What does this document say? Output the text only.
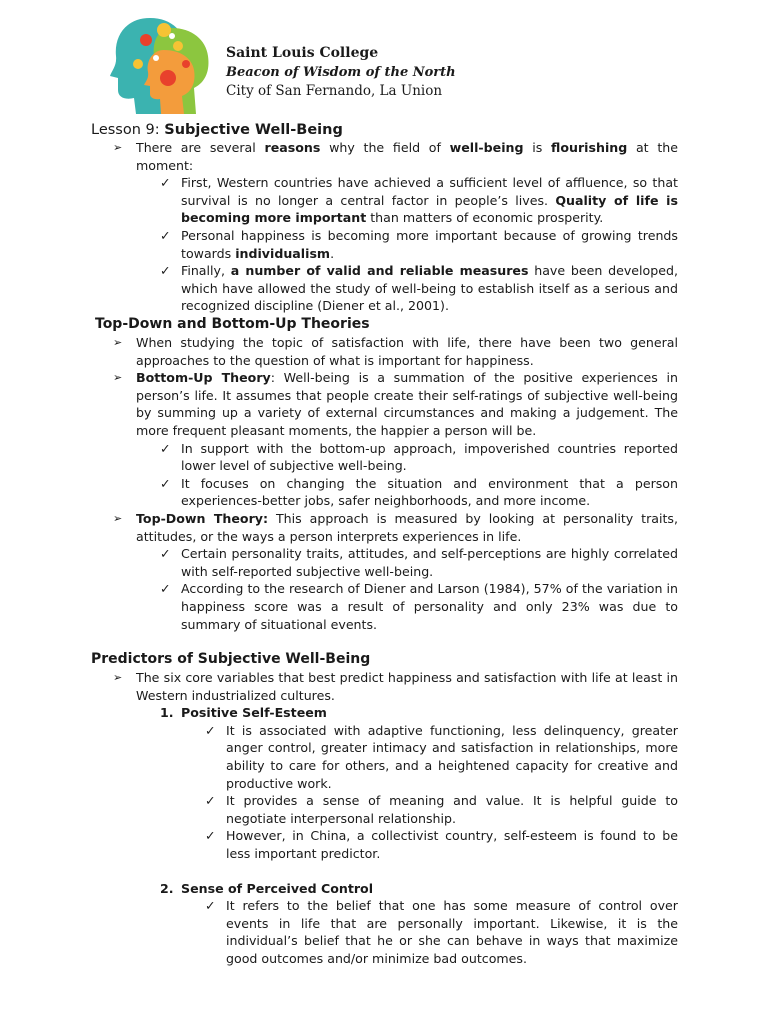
Saint Louis College
Beacon of Wisdom of the North
City of San Fernando, La Union
Lesson 9: Subjective Well-Being
➢ There are several reasons why the field of well-being is flourishing at the moment:
✓ First, Western countries have achieved a sufficient level of affluence, so that survival is no longer a central factor in people’s lives. Quality of life is becoming more important than matters of economic prosperity.
✓ Personal happiness is becoming more important because of growing trends towards individualism.
✓ Finally, a number of valid and reliable measures have been developed, which have allowed the study of well-being to establish itself as a serious and recognized discipline (Diener et al., 2001).
Top-Down and Bottom-Up Theories
➢ When studying the topic of satisfaction with life, there have been two general approaches to the question of what is important for happiness.
➢ Bottom-Up Theory: Well-being is a summation of the positive experiences in person’s life. It assumes that people create their self-ratings of subjective well-being by summing up a variety of external circumstances and making a judgement. The more frequent pleasant moments, the happier a person will be.
✓ In support with the bottom-up approach, impoverished countries reported lower level of subjective well-being.
✓ It focuses on changing the situation and environment that a person experiences-better jobs, safer neighborhoods, and more income.
➢ Top-Down Theory: This approach is measured by looking at personality traits, attitudes, or the ways a person interprets experiences in life.
✓ Certain personality traits, attitudes, and self-perceptions are highly correlated with self-reported subjective well-being.
✓ According to the research of Diener and Larson (1984), 57% of the variation in happiness score was a result of personality and only 23% was due to summary of situational events.
Predictors of Subjective Well-Being
➢ The six core variables that best predict happiness and satisfaction with life at least in Western industrialized cultures.
1. Positive Self-Esteem
✓ It is associated with adaptive functioning, less delinquency, greater anger control, greater intimacy and satisfaction in relationships, more ability to care for others, and a heightened capacity for creative and productive work.
✓ It provides a sense of meaning and value. It is helpful guide to negotiate interpersonal relationship.
✓ However, in China, a collectivist country, self-esteem is found to be less important predictor.
2. Sense of Perceived Control
✓ It refers to the belief that one has some measure of control over events in life that are personally important. Likewise, it is the individual’s belief that he or she can behave in ways that maximize good outcomes and/or minimize bad outcomes.
